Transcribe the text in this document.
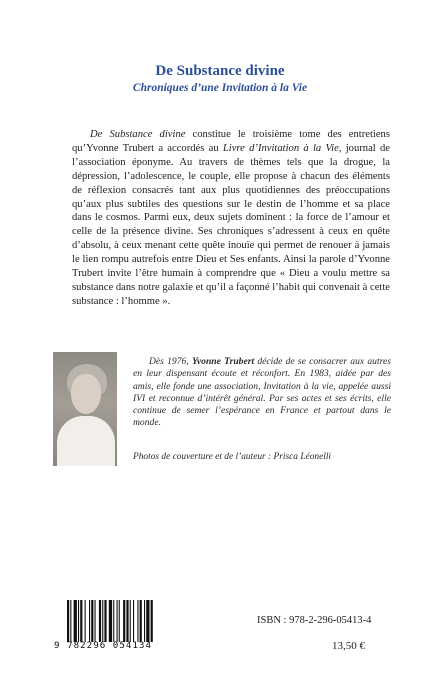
De Substance divine
Chroniques d’une Invitation à la Vie
De Substance divine constitue le troisième tome des entretiens qu’Yvonne Trubert a accordés au Livre d’Invitation à la Vie, journal de l’association éponyme. Au travers de thèmes tels que la drogue, la dépression, l’adolescence, le couple, elle propose à chacun des éléments de réflexion consacrés tant aux plus quotidiennes des préoccupations qu’aux plus subtiles des questions sur le destin de l’homme et sa place dans le cosmos. Parmi eux, deux sujets dominent : la force de l’amour et celle de la présence divine. Ses chroniques s’adressent à ceux en quête d’absolu, à ceux menant cette quête inouïe qui permet de renouer à jamais le lien rompu autrefois entre Dieu et Ses enfants. Ainsi la parole d’Yvonne Trubert invite l’être humain à comprendre que « Dieu a voulu mettre sa substance dans notre galaxie et qu’il a façonné l’habit qui convenait à cette substance : l’homme ».
Dès 1976, Yvonne Trubert décide de se consacrer aux autres en leur dispensant écoute et réconfort. En 1983, aidée par des amis, elle fonde une association, Invitation à la vie, appelée aussi IVI et reconnue d’intérêt général. Par ses actes et ses écrits, elle continue de semer l’espérance en France et partout dans le monde.
Photos de couverture et de l’auteur : Prisca Léonelli
9 782296 054134
ISBN : 978-2-296-05413-4
13,50 €
